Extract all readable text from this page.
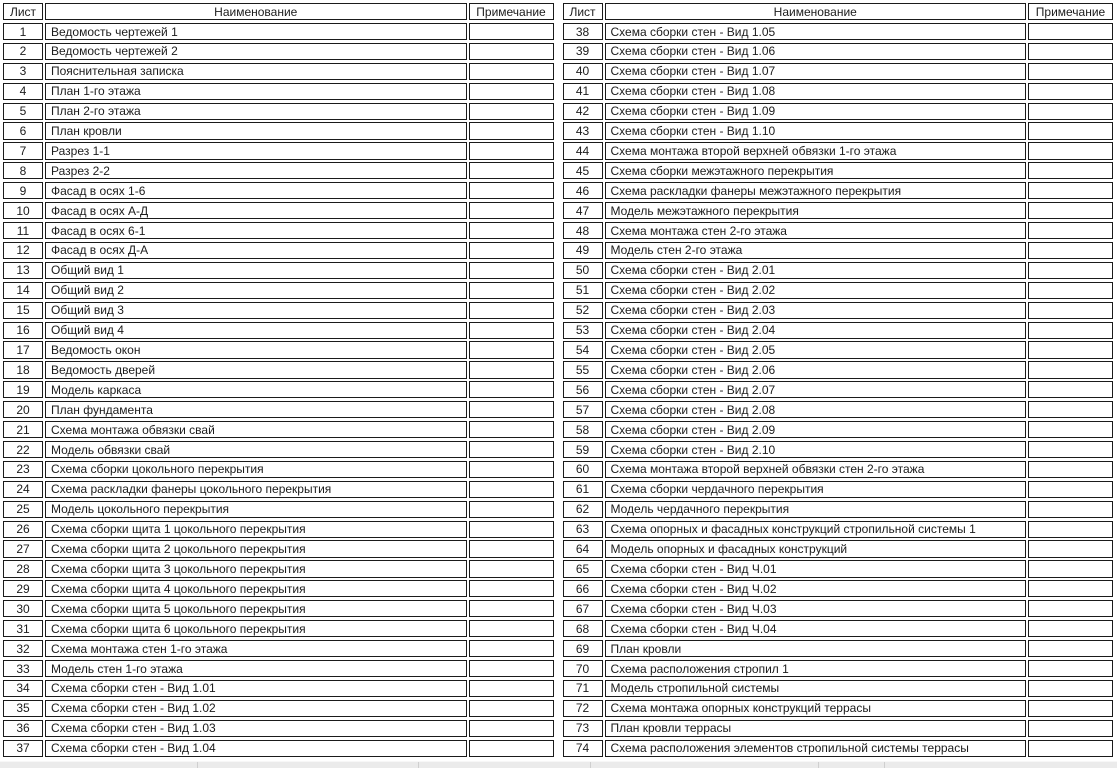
Лист	Наименование	Примечание
1	Ведомость чертежей 1
2	Ведомость чертежей 2
3	Пояснительная записка
4	План 1-го этажа
5	План 2-го этажа
6	План кровли
7	Разрез 1-1
8	Разрез 2-2
9	Фасад в осях 1-6
10	Фасад в осях А-Д
11	Фасад в осях 6-1
12	Фасад в осях Д-А
13	Общий вид 1
14	Общий вид 2
15	Общий вид 3
16	Общий вид 4
17	Ведомость окон
18	Ведомость дверей
19	Модель каркаса
20	План фундамента
21	Схема монтажа обвязки свай
22	Модель обвязки свай
23	Схема сборки цокольного перекрытия
24	Схема раскладки фанеры цокольного перекрытия
25	Модель цокольного перекрытия
26	Схема сборки щита 1 цокольного перекрытия
27	Схема сборки щита 2 цокольного перекрытия
28	Схема сборки щита 3 цокольного перекрытия
29	Схема сборки щита 4 цокольного перекрытия
30	Схема сборки щита 5 цокольного перекрытия
31	Схема сборки щита 6 цокольного перекрытия
32	Схема монтажа стен 1-го этажа
33	Модель стен 1-го этажа
34	Схема сборки стен - Вид 1.01
35	Схема сборки стен - Вид 1.02
36	Схема сборки стен - Вид 1.03
37	Схема сборки стен - Вид 1.04
Лист	Наименование	Примечание
38	Схема сборки стен - Вид 1.05
39	Схема сборки стен - Вид 1.06
40	Схема сборки стен - Вид 1.07
41	Схема сборки стен - Вид 1.08
42	Схема сборки стен - Вид 1.09
43	Схема сборки стен - Вид 1.10
44	Схема монтажа второй верхней обвязки 1-го этажа
45	Схема сборки межэтажного перекрытия
46	Схема раскладки фанеры межэтажного перекрытия
47	Модель межэтажного перекрытия
48	Схема монтажа стен 2-го этажа
49	Модель стен 2-го этажа
50	Схема сборки стен - Вид 2.01
51	Схема сборки стен - Вид 2.02
52	Схема сборки стен - Вид 2.03
53	Схема сборки стен - Вид 2.04
54	Схема сборки стен - Вид 2.05
55	Схема сборки стен - Вид 2.06
56	Схема сборки стен - Вид 2.07
57	Схема сборки стен - Вид 2.08
58	Схема сборки стен - Вид 2.09
59	Схема сборки стен - Вид 2.10
60	Схема монтажа второй верхней обвязки стен 2-го этажа
61	Схема сборки чердачного перекрытия
62	Модель чердачного перекрытия
63	Схема опорных и фасадных конструкций стропильной системы 1
64	Модель опорных и фасадных конструкций
65	Схема сборки стен - Вид Ч.01
66	Схема сборки стен - Вид Ч.02
67	Схема сборки стен - Вид Ч.03
68	Схема сборки стен - Вид Ч.04
69	План кровли
70	Схема расположения стропил 1
71	Модель стропильной системы
72	Схема монтажа опорных конструкций террасы
73	План кровли террасы
74	Схема расположения элементов стропильной системы террасы
